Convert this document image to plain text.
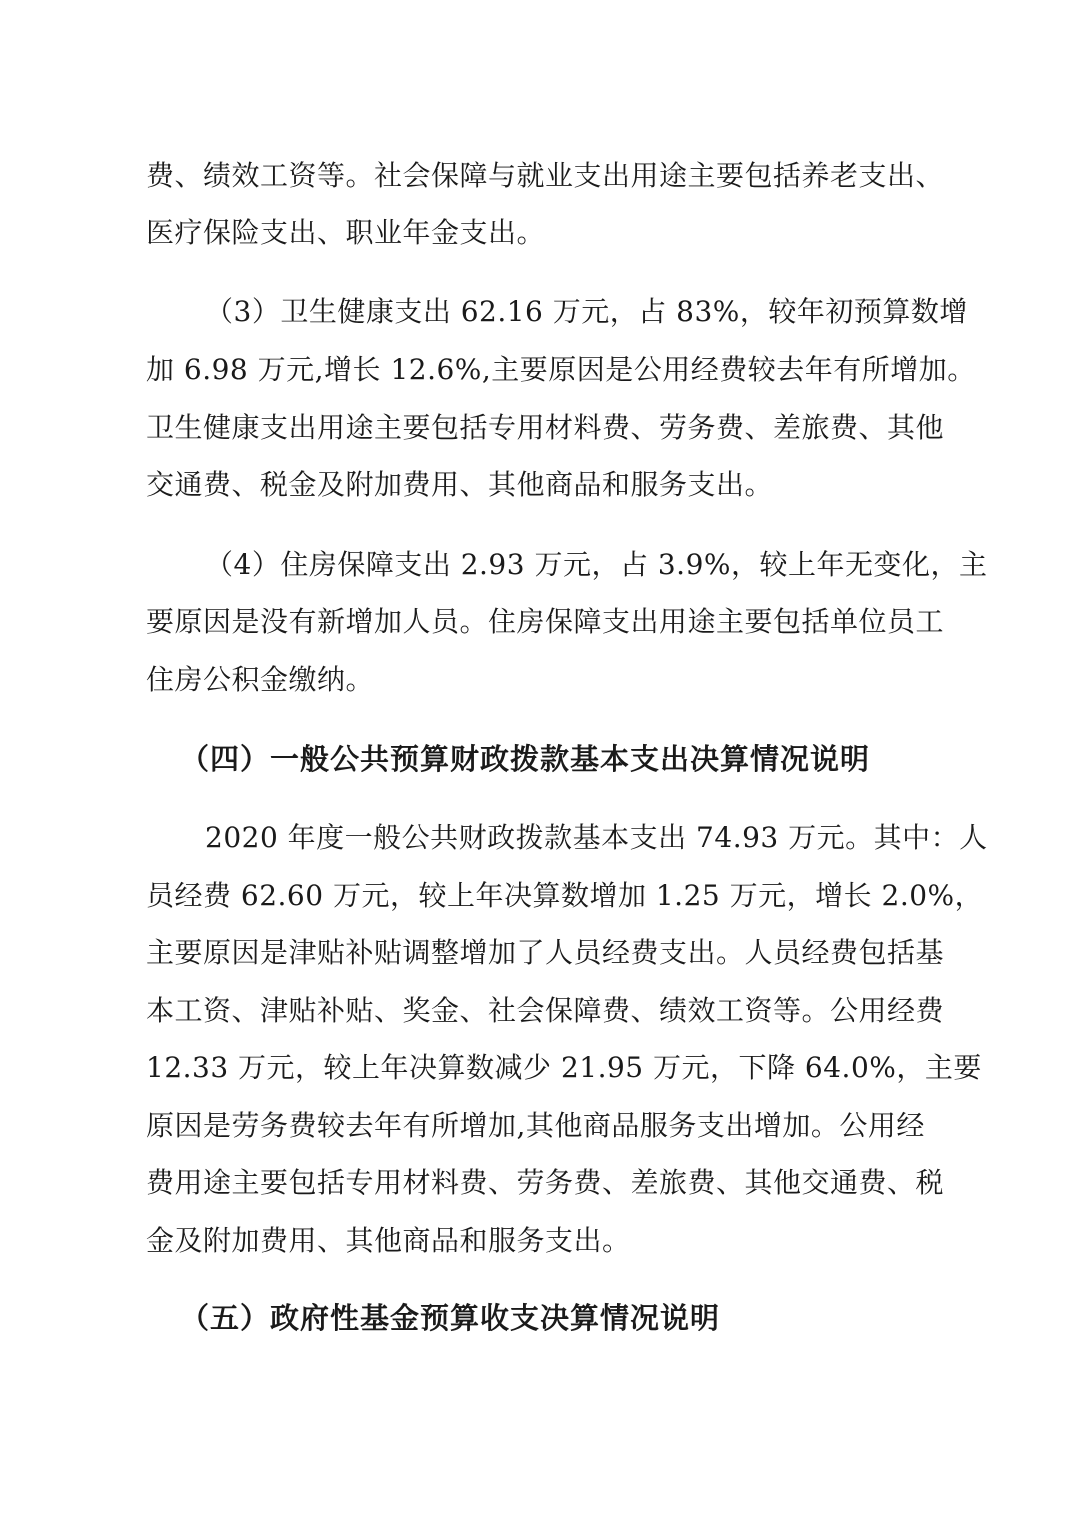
费、绩效工资等。社会保障与就业支出用途主要包括养老支出、
医疗保险支出、职业年金支出。
（3）卫生健康支出 62.16 万元，占 83%，较年初预算数增
加 6.98 万元,增长 12.6%,主要原因是公用经费较去年有所增加。
卫生健康支出用途主要包括专用材料费、劳务费、差旅费、其他
交通费、税金及附加费用、其他商品和服务支出。
（4）住房保障支出 2.93 万元，占 3.9%，较上年无变化，主
要原因是没有新增加人员。住房保障支出用途主要包括单位员工
住房公积金缴纳。
（四）一般公共预算财政拨款基本支出决算情况说明
2020 年度一般公共财政拨款基本支出 74.93 万元。其中：人
员经费 62.60 万元，较上年决算数增加 1.25 万元，增长 2.0%，
主要原因是津贴补贴调整增加了人员经费支出。人员经费包括基
本工资、津贴补贴、奖金、社会保障费、绩效工资等。公用经费
12.33 万元，较上年决算数减少 21.95 万元，下降 64.0%，主要
原因是劳务费较去年有所增加,其他商品服务支出增加。公用经
费用途主要包括专用材料费、劳务费、差旅费、其他交通费、税
金及附加费用、其他商品和服务支出。
（五）政府性基金预算收支决算情况说明
